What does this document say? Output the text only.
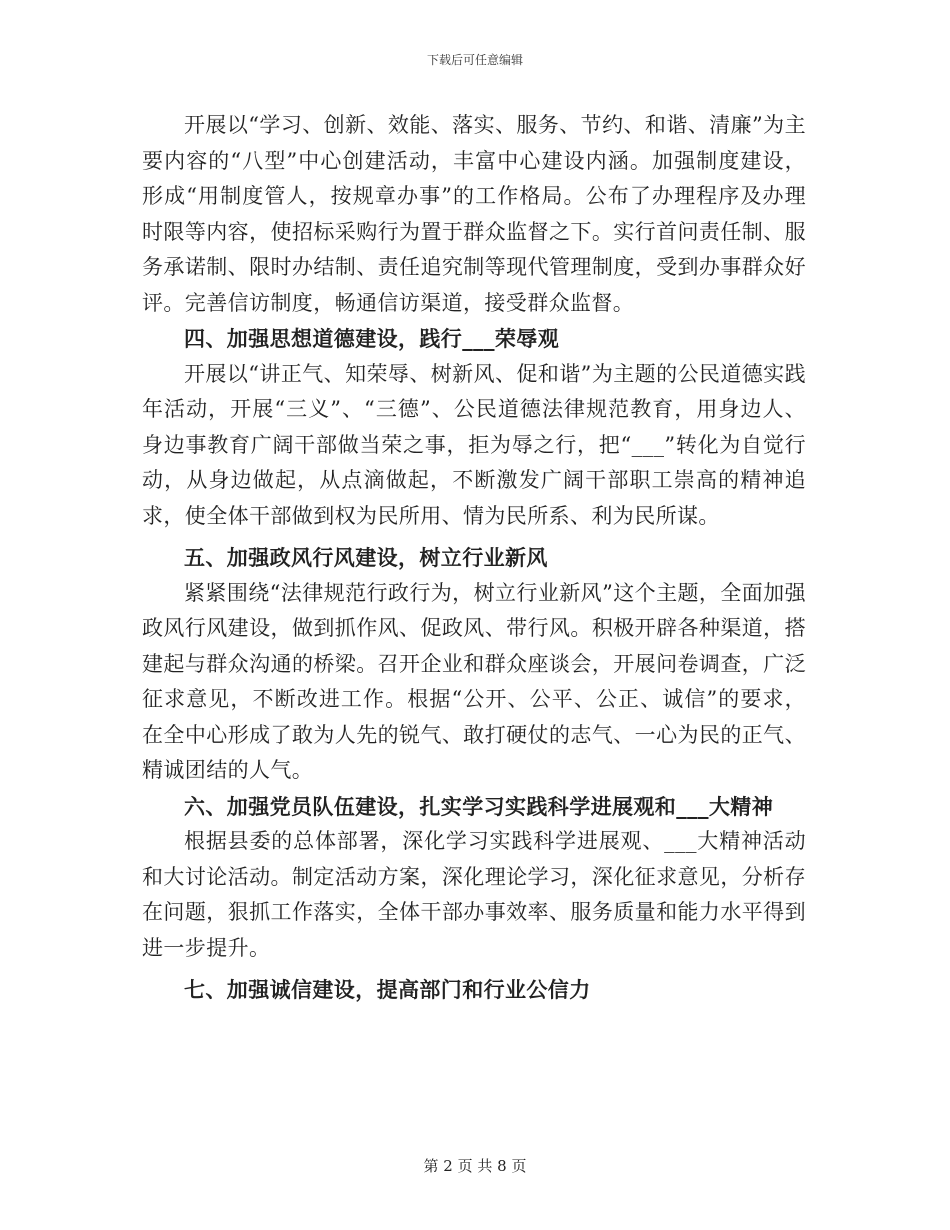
下载后可任意编辑

开展以“学习、创新、效能、落实、服务、节约、和谐、清廉”为主要内容的“八型”中心创建活动，丰富中心建设内涵。加强制度建设，形成“用制度管人，按规章办事”的工作格局。公布了办理程序及办理时限等内容，使招标采购行为置于群众监督之下。实行首问责任制、服务承诺制、限时办结制、责任追究制等现代管理制度，受到办事群众好评。完善信访制度，畅通信访渠道，接受群众监督。

四、加强思想道德建设，践行___荣辱观

开展以“讲正气、知荣辱、树新风、促和谐”为主题的公民道德实践年活动，开展“三义”、“三德”、公民道德法律规范教育，用身边人、身边事教育广阔干部做当荣之事，拒为辱之行，把“___”转化为自觉行动，从身边做起，从点滴做起，不断激发广阔干部职工崇高的精神追求，使全体干部做到权为民所用、情为民所系、利为民所谋。

五、加强政风行风建设，树立行业新风

紧紧围绕“法律规范行政行为，树立行业新风”这个主题，全面加强政风行风建设，做到抓作风、促政风、带行风。积极开辟各种渠道，搭建起与群众沟通的桥梁。召开企业和群众座谈会，开展问卷调查，广泛征求意见，不断改进工作。根据“公开、公平、公正、诚信”的要求，在全中心形成了敢为人先的锐气、敢打硬仗的志气、一心为民的正气、精诚团结的人气。

六、加强党员队伍建设，扎实学习实践科学进展观和___大精神

根据县委的总体部署，深化学习实践科学进展观、___大精神活动和大讨论活动。制定活动方案，深化理论学习，深化征求意见，分析存在问题，狠抓工作落实，全体干部办事效率、服务质量和能力水平得到进一步提升。

七、加强诚信建设，提高部门和行业公信力

第 2 页 共 8 页
